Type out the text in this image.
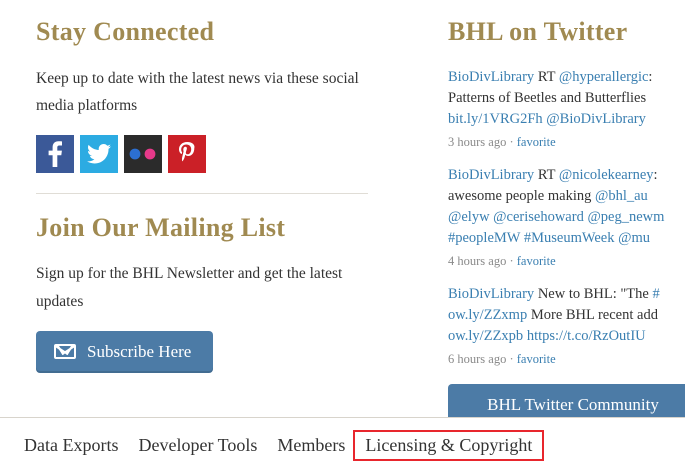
Stay Connected

Keep up to date with the latest news via these social media platforms

Join Our Mailing List

Sign up for the BHL Newsletter and get the latest updates

Subscribe Here
BHL on Twitter
BioDivLibrary RT @hyperallergic:
Patterns of Beetles and Butterflies
bit.ly/1VRG2Fh @BioDivLibrary
3 hours ago · favorite
BioDivLibrary RT @nicolekearney:
awesome people making @bhl_au
@elyw @cerisehoward @peg_newm
#peopleMW #MuseumWeek @mu
4 hours ago · favorite
BioDivLibrary New to BHL: "The #
ow.ly/ZZxmp More BHL recent add
ow.ly/ZZxpb https://t.co/RzOutIU
6 hours ago · favorite
BHL Twitter Community
Data Exports	Developer Tools	Members	Licensing & Copyright
